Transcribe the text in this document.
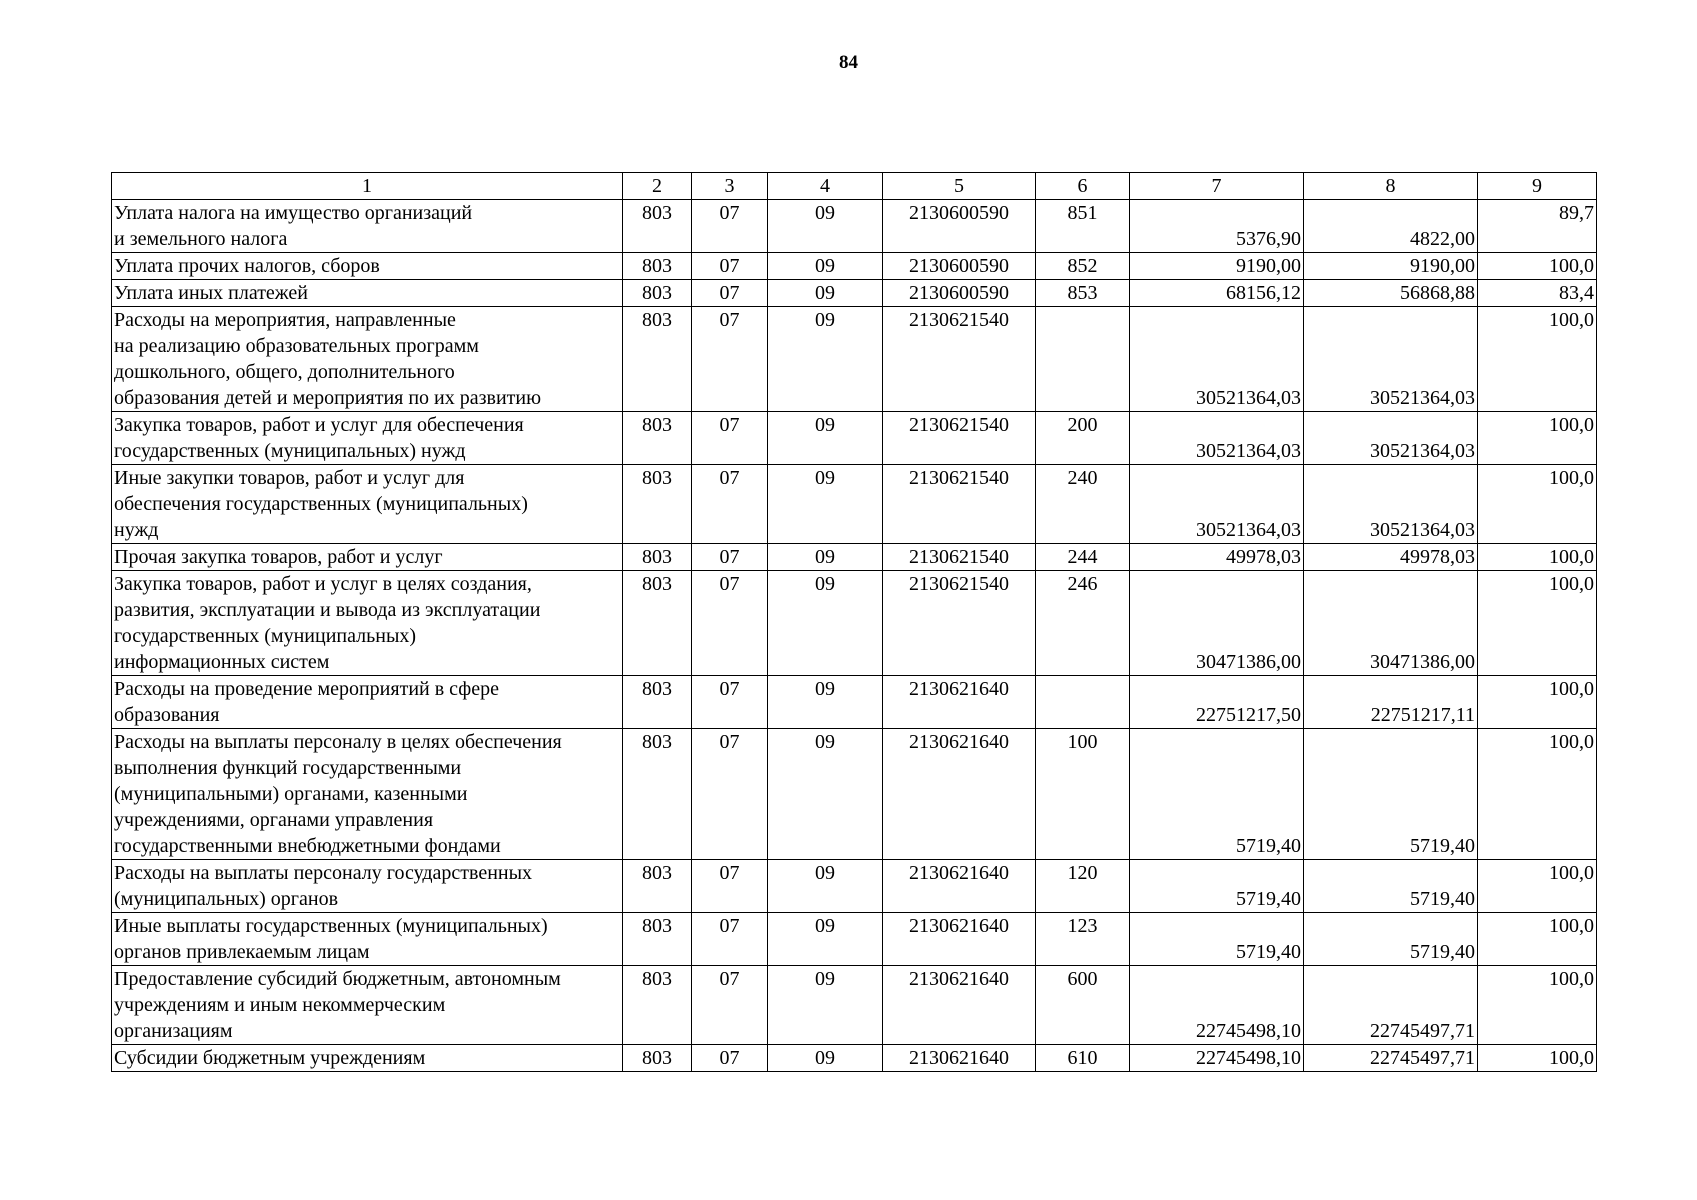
84
1	2	3	4	5	6	7	8	9
Уплата налога на имущество организаций
и земельного налога	803	07	09	2130600590	851	5376,90	4822,00	89,7
Уплата прочих налогов, сборов	803	07	09	2130600590	852	9190,00	9190,00	100,0
Уплата иных платежей	803	07	09	2130600590	853	68156,12	56868,88	83,4
Расходы на мероприятия, направленные
на реализацию образовательных программ
дошкольного, общего, дополнительного
образования детей и мероприятия по их развитию	803	07	09	2130621540		30521364,03	30521364,03	100,0
Закупка товаров, работ и услуг для обеспечения
государственных (муниципальных) нужд	803	07	09	2130621540	200	30521364,03	30521364,03	100,0
Иные закупки товаров, работ и услуг для
обеспечения государственных (муниципальных)
нужд	803	07	09	2130621540	240	30521364,03	30521364,03	100,0
Прочая закупка товаров, работ и услуг	803	07	09	2130621540	244	49978,03	49978,03	100,0
Закупка товаров, работ и услуг в целях создания,
развития, эксплуатации и вывода из эксплуатации
государственных (муниципальных)
информационных систем	803	07	09	2130621540	246	30471386,00	30471386,00	100,0
Расходы на проведение мероприятий в сфере
образования	803	07	09	2130621640		22751217,50	22751217,11	100,0
Расходы на выплаты персоналу в целях обеспечения
выполнения функций государственными
(муниципальными) органами, казенными
учреждениями, органами управления
государственными внебюджетными фондами	803	07	09	2130621640	100	5719,40	5719,40	100,0
Расходы на выплаты персоналу государственных
(муниципальных) органов	803	07	09	2130621640	120	5719,40	5719,40	100,0
Иные выплаты государственных (муниципальных)
органов привлекаемым лицам	803	07	09	2130621640	123	5719,40	5719,40	100,0
Предоставление субсидий бюджетным, автономным
учреждениям и иным некоммерческим
организациям	803	07	09	2130621640	600	22745498,10	22745497,71	100,0
Субсидии бюджетным учреждениям	803	07	09	2130621640	610	22745498,10	22745497,71	100,0
